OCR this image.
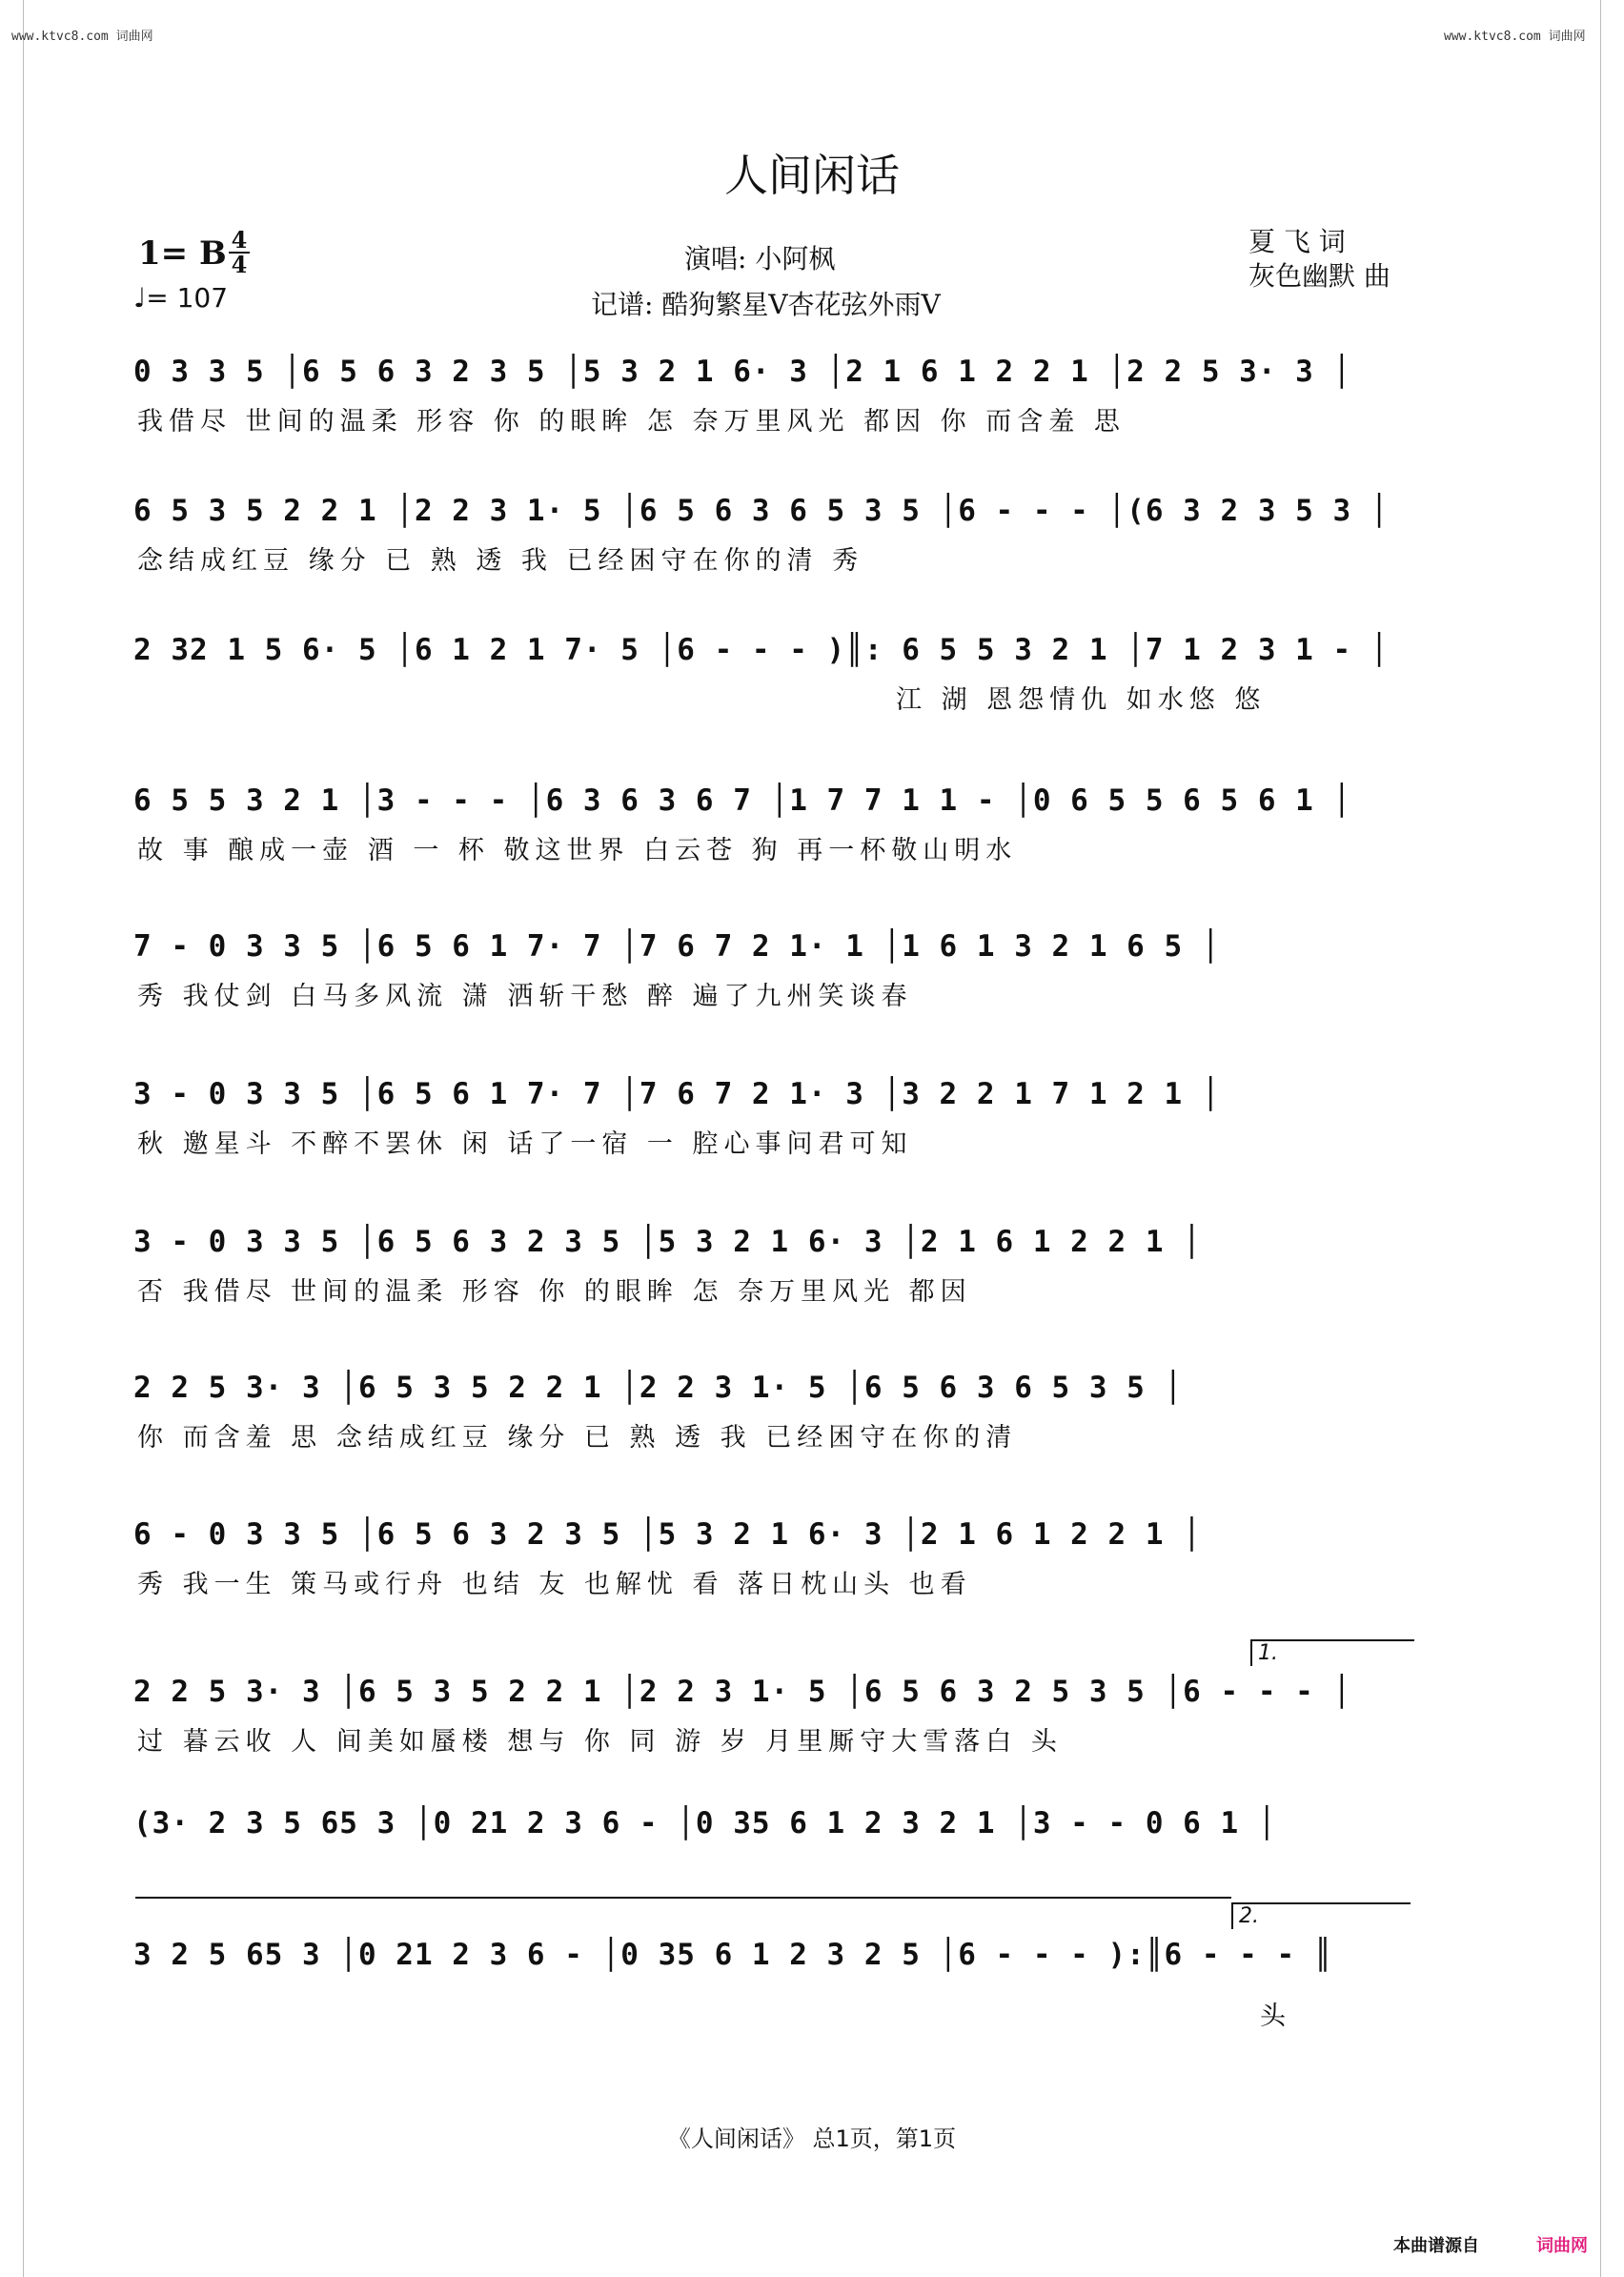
www.ktvc8.com 词曲网	www.ktvc8.com 词曲网
人间闲话
1= B 4
4
♩= 107
演唱: 小阿枫
记谱: 酷狗繁星V杏花弦外雨V
夏 飞 词
灰色幽默 曲
0 3 3 5 │6 5 6 3 2 3 5 │5 3 2 1 6· 3 │2 1 6 1 2 2 1 │2 2 5 3· 3 │
我借尽 世间的温柔 形容 你 的眼眸 怎 奈万里风光 都因 你 而含羞 思
6 5 3 5 2 2 1 │2 2 3 1· 5 │6 5 6 3 6 5 3 5 │6 - - - │(6 3 2 3 5 3 │
念结成红豆 缘分 已 熟 透 我 已经困守在你的清 秀
2 32 1 5 6· 5 │6 1 2 1 7· 5 │6 - - - )║: 6 5 5 3 2 1 │7 1 2 3 1 - │
江 湖 恩怨情仇 如水悠 悠
6 5 5 3 2 1 │3 - - - │6 3 6 3 6 7 │1 7 7 1 1 - │0 6 5 5 6 5 6 1 │
故 事 酿成一壶 酒 一 杯 敬这世界 白云苍 狗 再一杯敬山明水
7 - 0 3 3 5 │6 5 6 1 7· 7 │7 6 7 2 1· 1 │1 6 1 3 2 1 6 5 │
秀 我仗剑 白马多风流 潇 洒斩干愁 醉 遍了九州笑谈春
3 - 0 3 3 5 │6 5 6 1 7· 7 │7 6 7 2 1· 3 │3 2 2 1 7 1 2 1 │
秋 邀星斗 不醉不罢休 闲 话了一宿 一 腔心事问君可知
3 - 0 3 3 5 │6 5 6 3 2 3 5 │5 3 2 1 6· 3 │2 1 6 1 2 2 1 │
否 我借尽 世间的温柔 形容 你 的眼眸 怎 奈万里风光 都因
2 2 5 3· 3 │6 5 3 5 2 2 1 │2 2 3 1· 5 │6 5 6 3 6 5 3 5 │
你 而含羞 思 念结成红豆 缘分 已 熟 透 我 已经困守在你的清
6 - 0 3 3 5 │6 5 6 3 2 3 5 │5 3 2 1 6· 3 │2 1 6 1 2 2 1 │
秀 我一生 策马或行舟 也结 友 也解忧 看 落日枕山头 也看
2 2 5 3· 3 │6 5 3 5 2 2 1 │2 2 3 1· 5 │6 5 6 3 2 5 3 5 │6 - - - │
过 暮云收 人 间美如蜃楼 想与 你 同 游 岁 月里厮守大雪落白 头
1.
(3· 2 3 5 65 3 │0 21 2 3 6 - │0 35 6 1 2 3 2 1 │3 - - 0 6 1 │
3 2 5 65 3 │0 21 2 3 6 - │0 35 6 1 2 3 2 5 │6 - - - ):║6 - - - ║
头
2.
《人间闲话》 总1页，第1页
本曲谱源自	词曲网
